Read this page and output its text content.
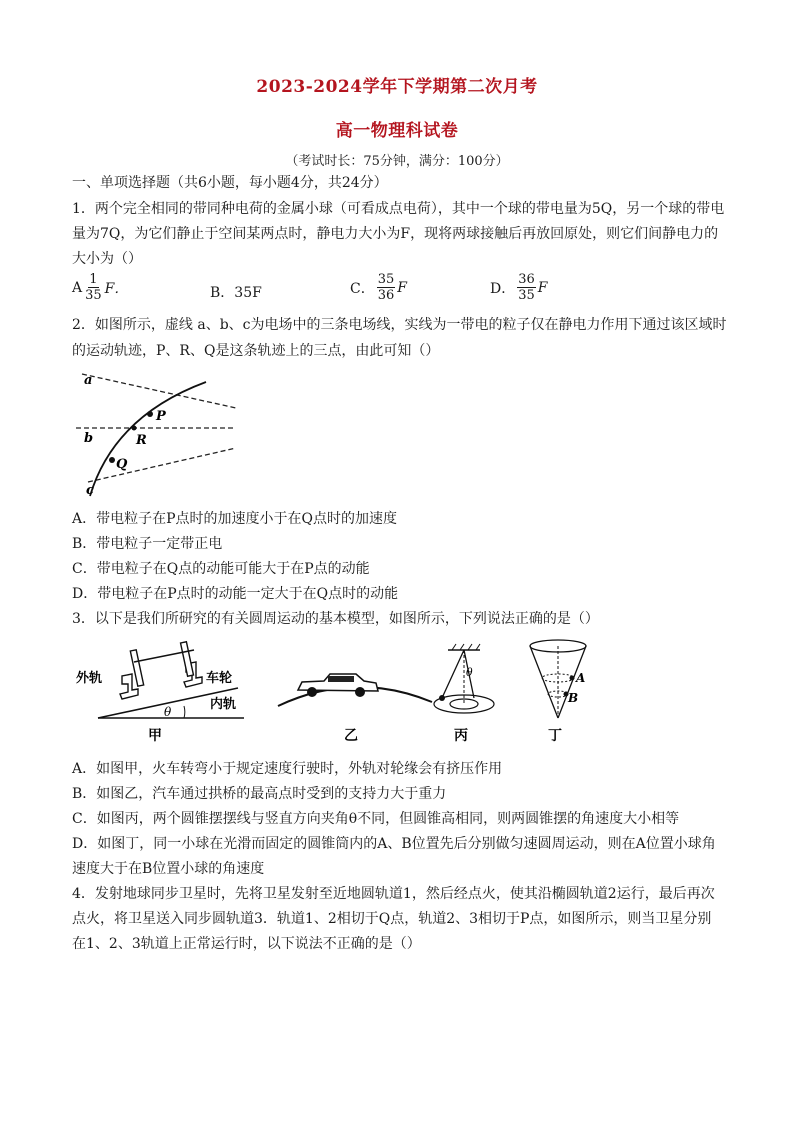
2023-2024学年下学期第二次月考
高一物理科试卷
（考试时长：75分钟，满分：100分）
一、单项选择题（共6小题，每小题4分，共24分）
1．两个完全相同的带同种电荷的金属小球（可看成点电荷），其中一个球的带电量为5Q，另一个球的带电
量为7Q，为它们静止于空间某两点时，静电力大小为F，现将两球接触后再放回原处，则它们间静电力的
大小为（）
A $\frac{1}{35}$ F．	B．35F	C． $\frac{35}{36}$ F	D． $\frac{36}{35}$ F
2．如图所示，虚线 a、b、c为电场中的三条电场线，实线为一带电的粒子仅在静电力作用下通过该区域时
的运动轨迹，P、R、Q是这条轨迹上的三点，由此可知（）
a
b
c
P
R
Q
A．带电粒子在P点时的加速度小于在Q点时的加速度
B．带电粒子一定带正电
C．带电粒子在Q点的动能可能大于在P点的动能
D．带电粒子在P点时的动能一定大于在Q点时的动能
3．以下是我们所研究的有关圆周运动的基本模型，如图所示，下列说法正确的是（）
外轨	车轮
内轨
θ
甲	乙
θ
丙
A
B
丁
A．如图甲，火车转弯小于规定速度行驶时，外轨对轮缘会有挤压作用
B．如图乙，汽车通过拱桥的最高点时受到的支持力大于重力
C．如图丙，两个圆锥摆摆线与竖直方向夹角θ不同，但圆锥高相同，则两圆锥摆的角速度大小相等
D．如图丁，同一小球在光滑而固定的圆锥筒内的A、B位置先后分别做匀速圆周运动，则在A位置小球角
速度大于在B位置小球的角速度
4．发射地球同步卫星时，先将卫星发射至近地圆轨道1，然后经点火，使其沿椭圆轨道2运行，最后再次
点火，将卫星送入同步圆轨道3．轨道1、2相切于Q点，轨道2、3相切于P点，如图所示，则当卫星分别
在1、2、3轨道上正常运行时，以下说法不正确的是（）
